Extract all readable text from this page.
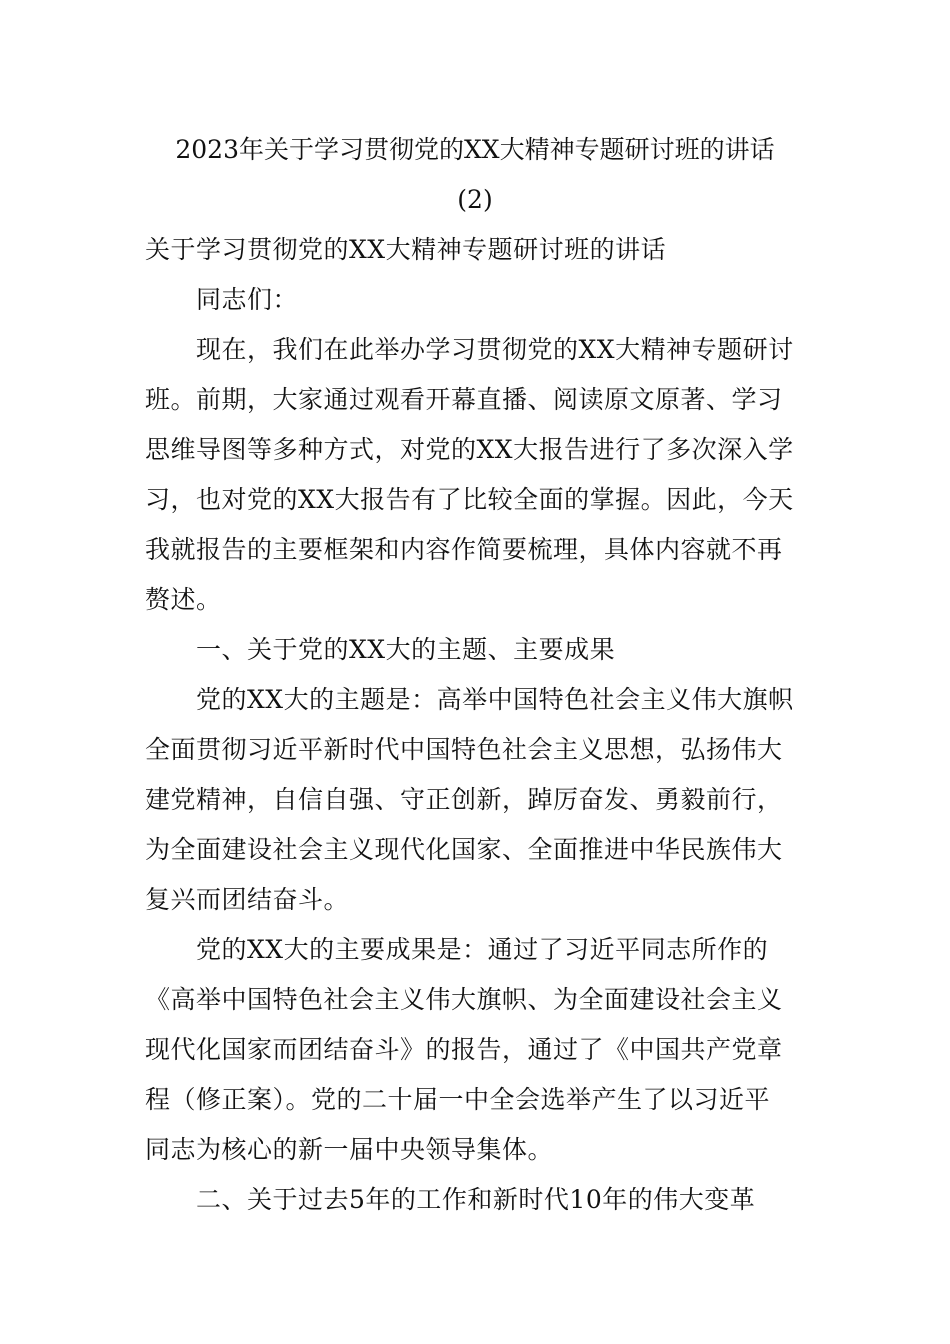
2023年关于学习贯彻党的XX大精神专题研讨班的讲话
(2)
关于学习贯彻党的XX大精神专题研讨班的讲话
　　同志们：
　　现在，我们在此举办学习贯彻党的XX大精神专题研讨
班。前期，大家通过观看开幕直播、阅读原文原著、学习
思维导图等多种方式，对党的XX大报告进行了多次深入学
习，也对党的XX大报告有了比较全面的掌握。因此，今天
我就报告的主要框架和内容作简要梳理，具体内容就不再
赘述。
　　一、关于党的XX大的主题、主要成果
　　党的XX大的主题是：高举中国特色社会主义伟大旗帜
全面贯彻习近平新时代中国特色社会主义思想，弘扬伟大
建党精神，自信自强、守正创新，踔厉奋发、勇毅前行，
为全面建设社会主义现代化国家、全面推进中华民族伟大
复兴而团结奋斗。
　　党的XX大的主要成果是：通过了习近平同志所作的
《高举中国特色社会主义伟大旗帜、为全面建设社会主义
现代化国家而团结奋斗》的报告，通过了《中国共产党章
程（修正案）。党的二十届一中全会选举产生了以习近平
同志为核心的新一届中央领导集体。
　　二、关于过去5年的工作和新时代10年的伟大变革
